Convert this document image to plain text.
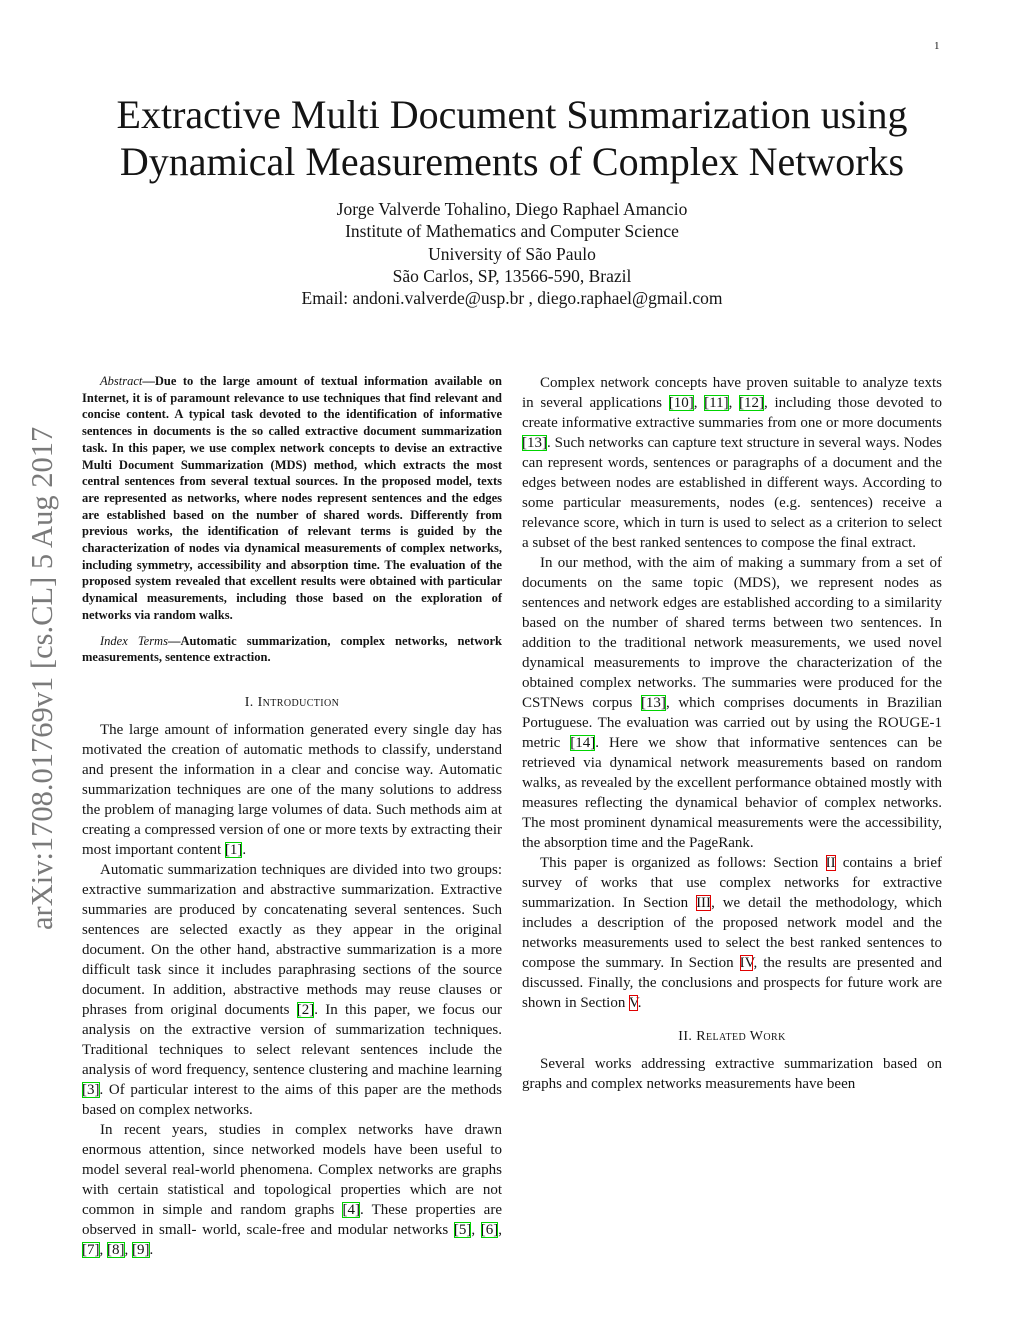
1
arXiv:1708.01769v1 [cs.CL] 5 Aug 2017
Extractive Multi Document Summarization using
Dynamical Measurements of Complex Networks
Jorge Valverde Tohalino, Diego Raphael Amancio
Institute of Mathematics and Computer Science
University of São Paulo
São Carlos, SP, 13566-590, Brazil
Email: andoni.valverde@usp.br , diego.raphael@gmail.com

Abstract—Due to the large amount of textual information available on Internet, it is of paramount relevance to use techniques that find relevant and concise content. A typical task devoted to the identification of informative sentences in documents is the so called extractive document summarization task. In this paper, we use complex network concepts to devise an extractive Multi Document Summarization (MDS) method, which extracts the most central sentences from several textual sources. In the proposed model, texts are represented as networks, where nodes represent sentences and the edges are established based on the number of shared words. Differently from previous works, the identification of relevant terms is guided by the characterization of nodes via dynamical measurements of complex networks, including symmetry, accessibility and absorption time. The evaluation of the proposed system revealed that excellent results were obtained with particular dynamical measurements, including those based on the exploration of networks via random walks.

Index Terms—Automatic summarization, complex networks, network measurements, sentence extraction.

I. Introduction

The large amount of information generated every single day has motivated the creation of automatic methods to classify, understand and present the information in a clear and concise way. Automatic summarization techniques are one of the many solutions to address the problem of managing large volumes of data. Such methods aim at creating a compressed version of one or more texts by extracting their most important content [1].

Automatic summarization techniques are divided into two groups: extractive summarization and abstractive summarization. Extractive summaries are produced by concatenating several sentences. Such sentences are selected exactly as they appear in the original document. On the other hand, abstractive summarization is a more difficult task since it includes paraphrasing sections of the source document. In addition, abstractive methods may reuse clauses or phrases from original documents [2]. In this paper, we focus our analysis on the extractive version of summarization techniques. Traditional techniques to select relevant sentences include the analysis of word frequency, sentence clustering and machine learning [3]. Of particular interest to the aims of this paper are the methods based on complex networks.

In recent years, studies in complex networks have drawn enormous attention, since networked models have been useful to model several real-world phenomena. Complex networks are graphs with certain statistical and topological properties which are not common in simple and random graphs [4]. These properties are observed in small- world, scale-free and modular networks [5], [6], [7], [8], [9].

Complex network concepts have proven suitable to analyze texts in several applications [10], [11], [12], including those devoted to create informative extractive summaries from one or more documents [13]. Such networks can capture text structure in several ways. Nodes can represent words, sentences or paragraphs of a document and the edges between nodes are established in different ways. According to some particular measurements, nodes (e.g. sentences) receive a relevance score, which in turn is used to select as a criterion to select a subset of the best ranked sentences to compose the final extract.

In our method, with the aim of making a summary from a set of documents on the same topic (MDS), we represent nodes as sentences and network edges are established according to a similarity based on the number of shared terms between two sentences. In addition to the traditional network measurements, we used novel dynamical measurements to improve the characterization of the obtained complex networks. The summaries were produced for the CSTNews corpus [13], which comprises documents in Brazilian Portuguese. The evaluation was carried out by using the ROUGE-1 metric [14]. Here we show that informative sentences can be retrieved via dynamical network measurements based on random walks, as revealed by the excellent performance obtained mostly with measures reflecting the dynamical behavior of complex networks. The most prominent dynamical measurements were the accessibility, the absorption time and the PageRank.

This paper is organized as follows: Section II contains a brief survey of works that use complex networks for extractive summarization. In Section III, we detail the methodology, which includes a description of the proposed network model and the networks measurements used to select the best ranked sentences to compose the summary. In Section IV, the results are presented and discussed. Finally, the conclusions and prospects for future work are shown in Section V.

II. Related Work

Several works addressing extractive summarization based on graphs and complex networks measurements have been
